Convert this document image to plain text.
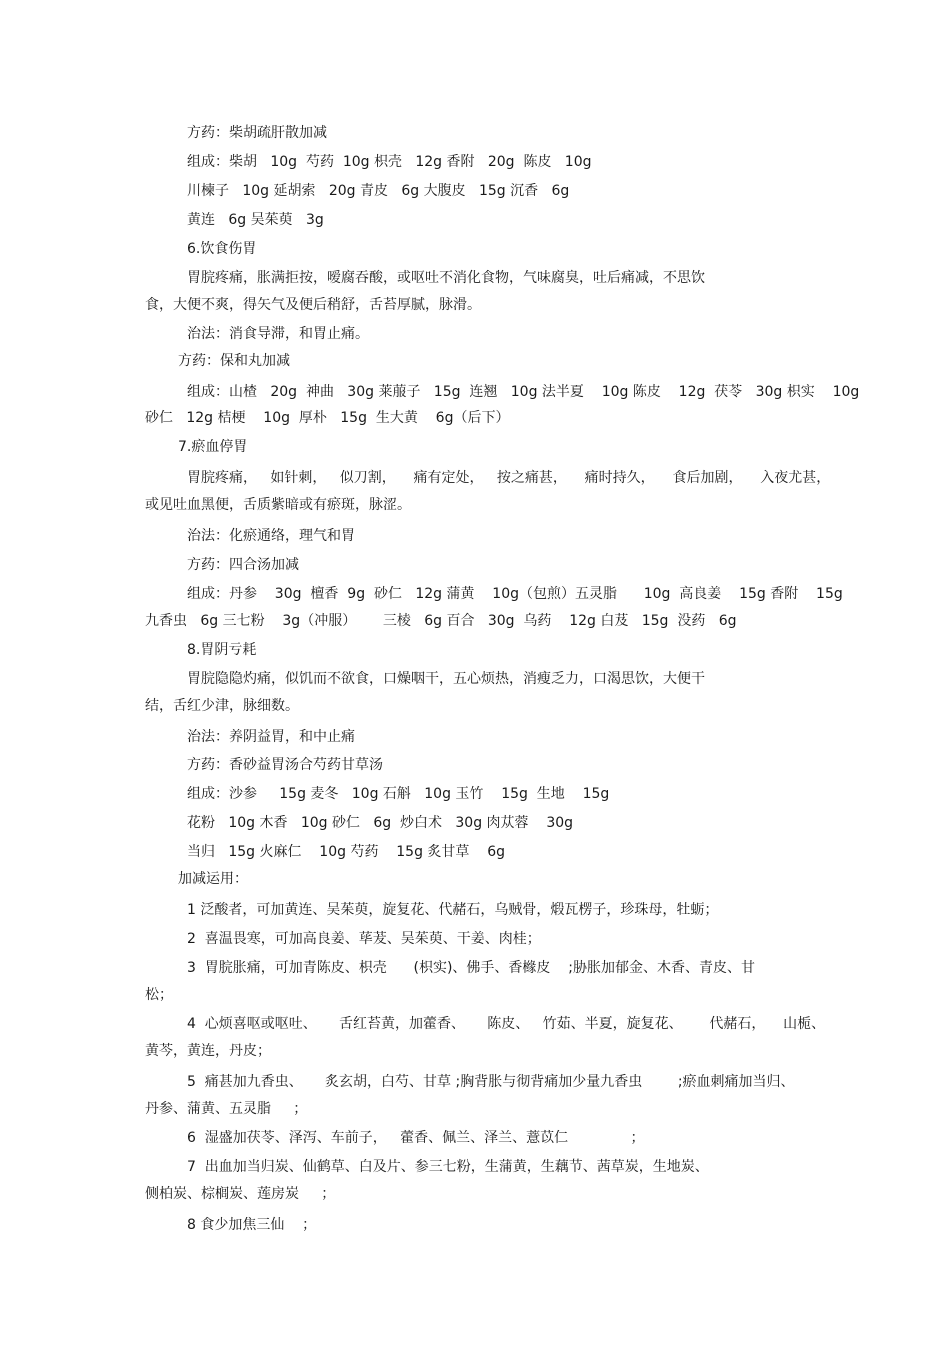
方药：柴胡疏肝散加减

组成：柴胡   10g  芍药  10g 枳壳   12g 香附   20g  陈皮   10g

川楝子   10g 延胡索   20g 青皮   6g 大腹皮   15g 沉香   6g

黄连   6g 吴茱萸   3g

6.饮食伤胃

胃脘疼痛，胀满拒按，嗳腐吞酸，或呕吐不消化食物，气味腐臭，吐后痛减，不思饮

食，大便不爽，得矢气及便后稍舒，舌苔厚腻，脉滑。

治法：消食导滞，和胃止痛。

方药：保和丸加减

组成：山楂   20g  神曲   30g 莱菔子   15g  连翘   10g 法半夏    10g 陈皮    12g  茯苓   30g 枳实    10g

砂仁   12g 桔梗    10g  厚朴   15g  生大黄    6g（后下）

7.瘀血停胃

胃脘疼痛，   如针刺，   似刀割，    痛有定处，   按之痛甚，    痛时持久，    食后加剧，    入夜尤甚，

或见吐血黑便，舌质紫暗或有瘀斑，脉涩。

治法：化瘀通络，理气和胃

方药：四合汤加减

组成：丹参    30g  檀香  9g  砂仁   12g 蒲黄    10g（包煎）五灵脂      10g  高良姜    15g 香附    15g

九香虫   6g 三七粉    3g（冲服）      三棱   6g 百合   30g  乌药    12g 白芨   15g  没药   6g

8.胃阴亏耗

胃脘隐隐灼痛，似饥而不欲食，口燥咽干，五心烦热，消瘦乏力，口渴思饮，大便干

结，舌红少津，脉细数。

治法：养阴益胃，和中止痛

方药：香砂益胃汤合芍药甘草汤

组成：沙参     15g 麦冬   10g 石斛   10g 玉竹    15g  生地    15g

花粉   10g 木香   10g 砂仁   6g  炒白术   30g 肉苁蓉    30g

当归   15g 火麻仁    10g 芍药    15g 炙甘草    6g

加减运用：

1 泛酸者，可加黄连、吴茱萸，旋复花、代赭石，乌贼骨，煅瓦楞子，珍珠母，牡蛎；

2  喜温畏寒，可加高良姜、荜茇、吴茱萸、干姜、肉桂；

3  胃脘胀痛，可加青陈皮、枳壳      (枳实)、佛手、香橼皮    ;胁胀加郁金、木香、青皮、甘

松；

4  心烦喜呕或呕吐、     舌红苔黄，加藿香、     陈皮、   竹茹、半夏，旋复花、      代赭石，    山栀、

黄芩，黄连，丹皮；

5  痛甚加九香虫、     炙玄胡，白芍、甘草 ;胸背胀与彻背痛加少量九香虫        ;瘀血刺痛加当归、

丹参、蒲黄、五灵脂     ；

6  湿盛加茯苓、泽泻、车前子，   藿香、佩兰、泽兰、薏苡仁              ；

7  出血加当归炭、仙鹤草、白及片、参三七粉，生蒲黄，生藕节、茜草炭，生地炭、

侧柏炭、棕榈炭、莲房炭     ；

8 食少加焦三仙    ；
